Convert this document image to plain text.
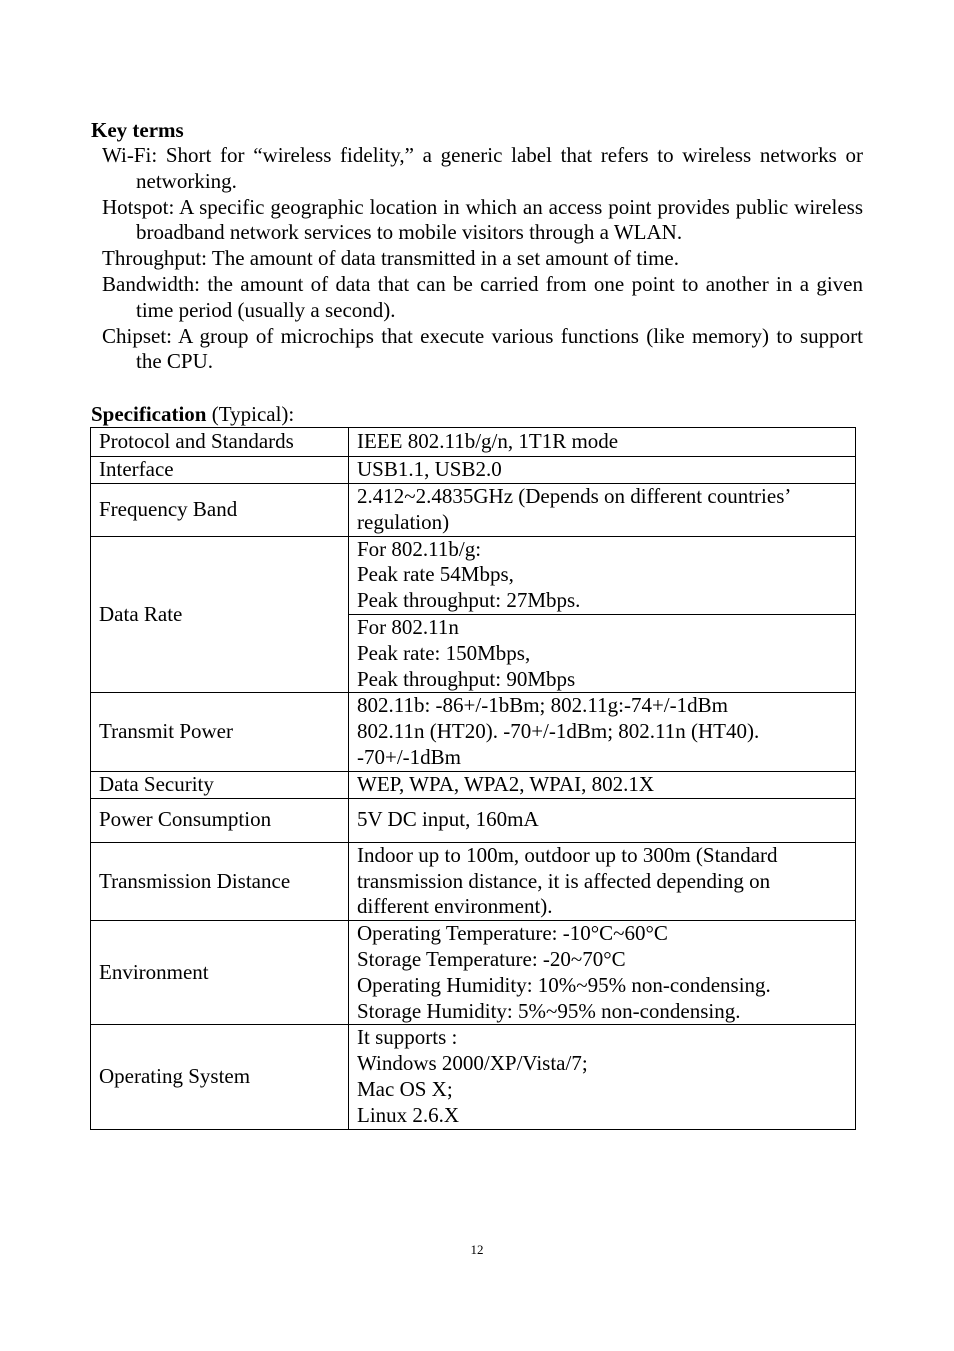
Key terms

Wi-Fi: Short for “wireless fidelity,” a generic label that refers to wireless networks or networking.

Hotspot: A specific geographic location in which an access point provides public wireless broadband network services to mobile visitors through a WLAN.

Throughput: The amount of data transmitted in a set amount of time.

Bandwidth: the amount of data that can be carried from one point to another in a given time period (usually a second).

Chipset: A group of microchips that execute various functions (like memory) to support the CPU.

Specification (Typical):
Protocol and Standards	IEEE 802.11b/g/n, 1T1R mode

Interface	USB1.1, USB2.0

Frequency Band	2.412~2.4835GHz (Depends on different countries’
regulation)

Data Rate	For 802.11b/g:
Peak rate 54Mbps,
Peak throughput: 27Mbps.

	For 802.11n
Peak rate: 150Mbps,
Peak throughput: 90Mbps

Transmit Power	802.11b: -86+/-1bBm; 802.11g:-74+/-1dBm
802.11n (HT20). -70+/-1dBm; 802.11n (HT40).
-70+/-1dBm

Data Security	WEP, WPA, WPA2, WPAI, 802.1X

Power Consumption	5V DC input, 160mA

Transmission Distance	Indoor up to 100m, outdoor up to 300m (Standard
transmission distance, it is affected depending on
different environment).

Environment	Operating Temperature: -10°C~60°C
Storage Temperature: -20~70°C
Operating Humidity: 10%~95% non-condensing.
Storage Humidity: 5%~95% non-condensing.

Operating System	It supports :
Windows 2000/XP/Vista/7;
Mac OS X;
Linux 2.6.X
12
